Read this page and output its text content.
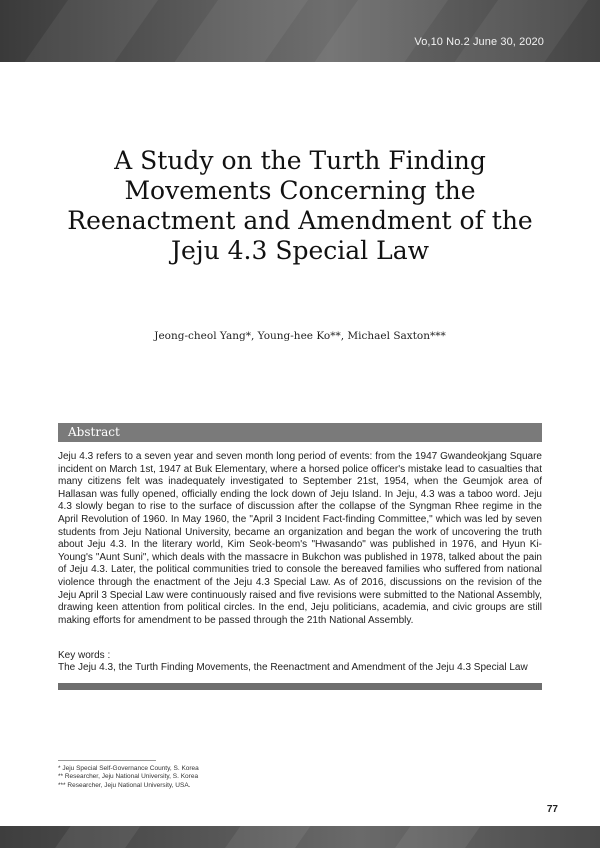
Vo,10 No.2 June 30, 2020
A Study on the Turth Finding
Movements Concerning the
Reenactment and Amendment of the
Jeju 4.3 Special Law
Jeong-cheol Yang*, Young-hee Ko**, Michael Saxton***
Abstract

Jeju 4.3 refers to a seven year and seven month long period of events: from the 1947 Gwandeokjang Square incident on March 1st, 1947 at Buk Elementary, where a horsed police officer's mistake lead to casualties that many citizens felt was inadequately investigated to September 21st, 1954, when the Geumjok area of Hallasan was fully opened, officially ending the lock down of Jeju Island. In Jeju, 4.3 was a taboo word. Jeju 4.3 slowly began to rise to the surface of discussion after the collapse of the Syngman Rhee regime in the April Revolution of 1960. In May 1960, the "April 3 Incident Fact-finding Committee," which was led by seven students from Jeju National University, became an organization and began the work of uncovering the truth about Jeju 4.3. In the literary world, Kim Seok-beom's "Hwasando" was published in 1976, and Hyun Ki-Young's "Aunt Suni", which deals with the massacre in Bukchon was published in 1978, talked about the pain of Jeju 4.3. Later, the political communities tried to console the bereaved families who suffered from national violence through the enactment of the Jeju 4.3 Special Law. As of 2016, discussions on the revision of the Jeju April 3 Special Law were continuously raised and five revisions were submitted to the National Assembly, drawing keen attention from political circles. In the end, Jeju politicians, academia, and civic groups are still making efforts for amendment to be passed through the 21th National Assembly.

Key words :
The Jeju 4.3, the Turth Finding Movements, the Reenactment and Amendment of the Jeju 4.3 Special Law
* Jeju Special Self-Governance County, S. Korea
** Researcher, Jeju National University, S. Korea
*** Researcher, Jeju National University, USA.
77
